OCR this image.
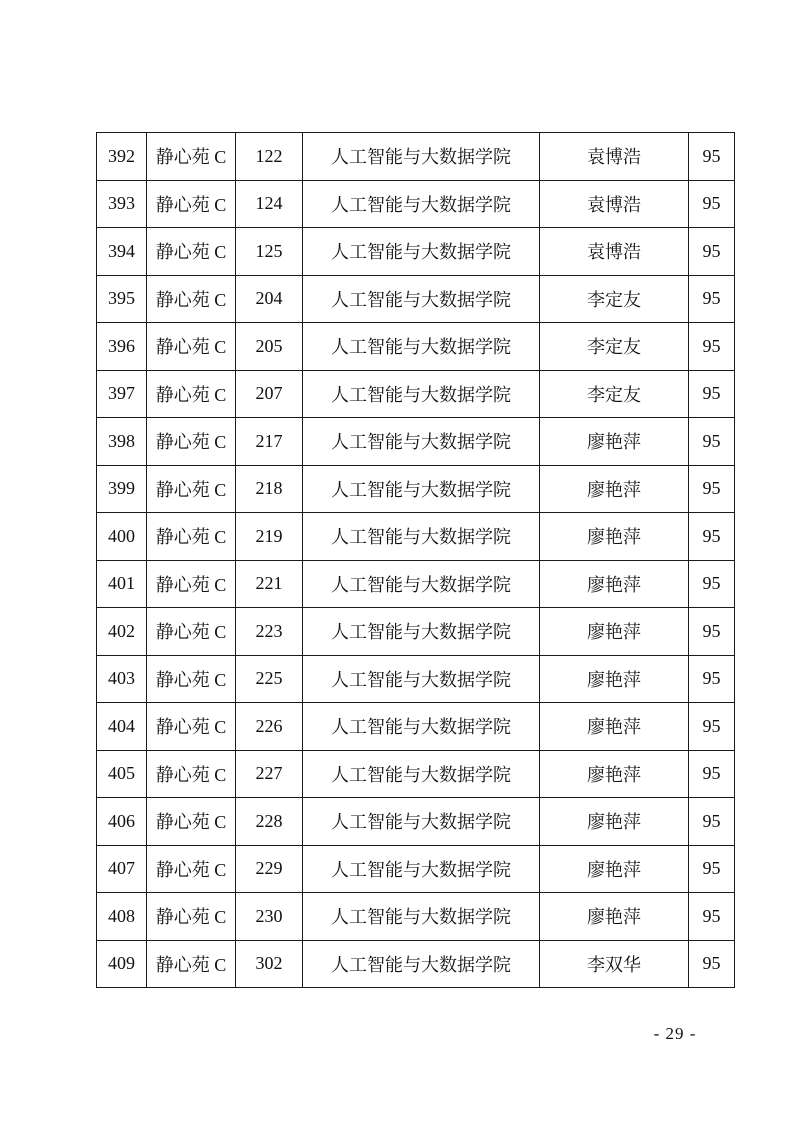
392	静心苑 C	122	人工智能与大数据学院	袁博浩	95
393	静心苑 C	124	人工智能与大数据学院	袁博浩	95
394	静心苑 C	125	人工智能与大数据学院	袁博浩	95
395	静心苑 C	204	人工智能与大数据学院	李定友	95
396	静心苑 C	205	人工智能与大数据学院	李定友	95
397	静心苑 C	207	人工智能与大数据学院	李定友	95
398	静心苑 C	217	人工智能与大数据学院	廖艳萍	95
399	静心苑 C	218	人工智能与大数据学院	廖艳萍	95
400	静心苑 C	219	人工智能与大数据学院	廖艳萍	95
401	静心苑 C	221	人工智能与大数据学院	廖艳萍	95
402	静心苑 C	223	人工智能与大数据学院	廖艳萍	95
403	静心苑 C	225	人工智能与大数据学院	廖艳萍	95
404	静心苑 C	226	人工智能与大数据学院	廖艳萍	95
405	静心苑 C	227	人工智能与大数据学院	廖艳萍	95
406	静心苑 C	228	人工智能与大数据学院	廖艳萍	95
407	静心苑 C	229	人工智能与大数据学院	廖艳萍	95
408	静心苑 C	230	人工智能与大数据学院	廖艳萍	95
409	静心苑 C	302	人工智能与大数据学院	李双华	95
- 29 -
